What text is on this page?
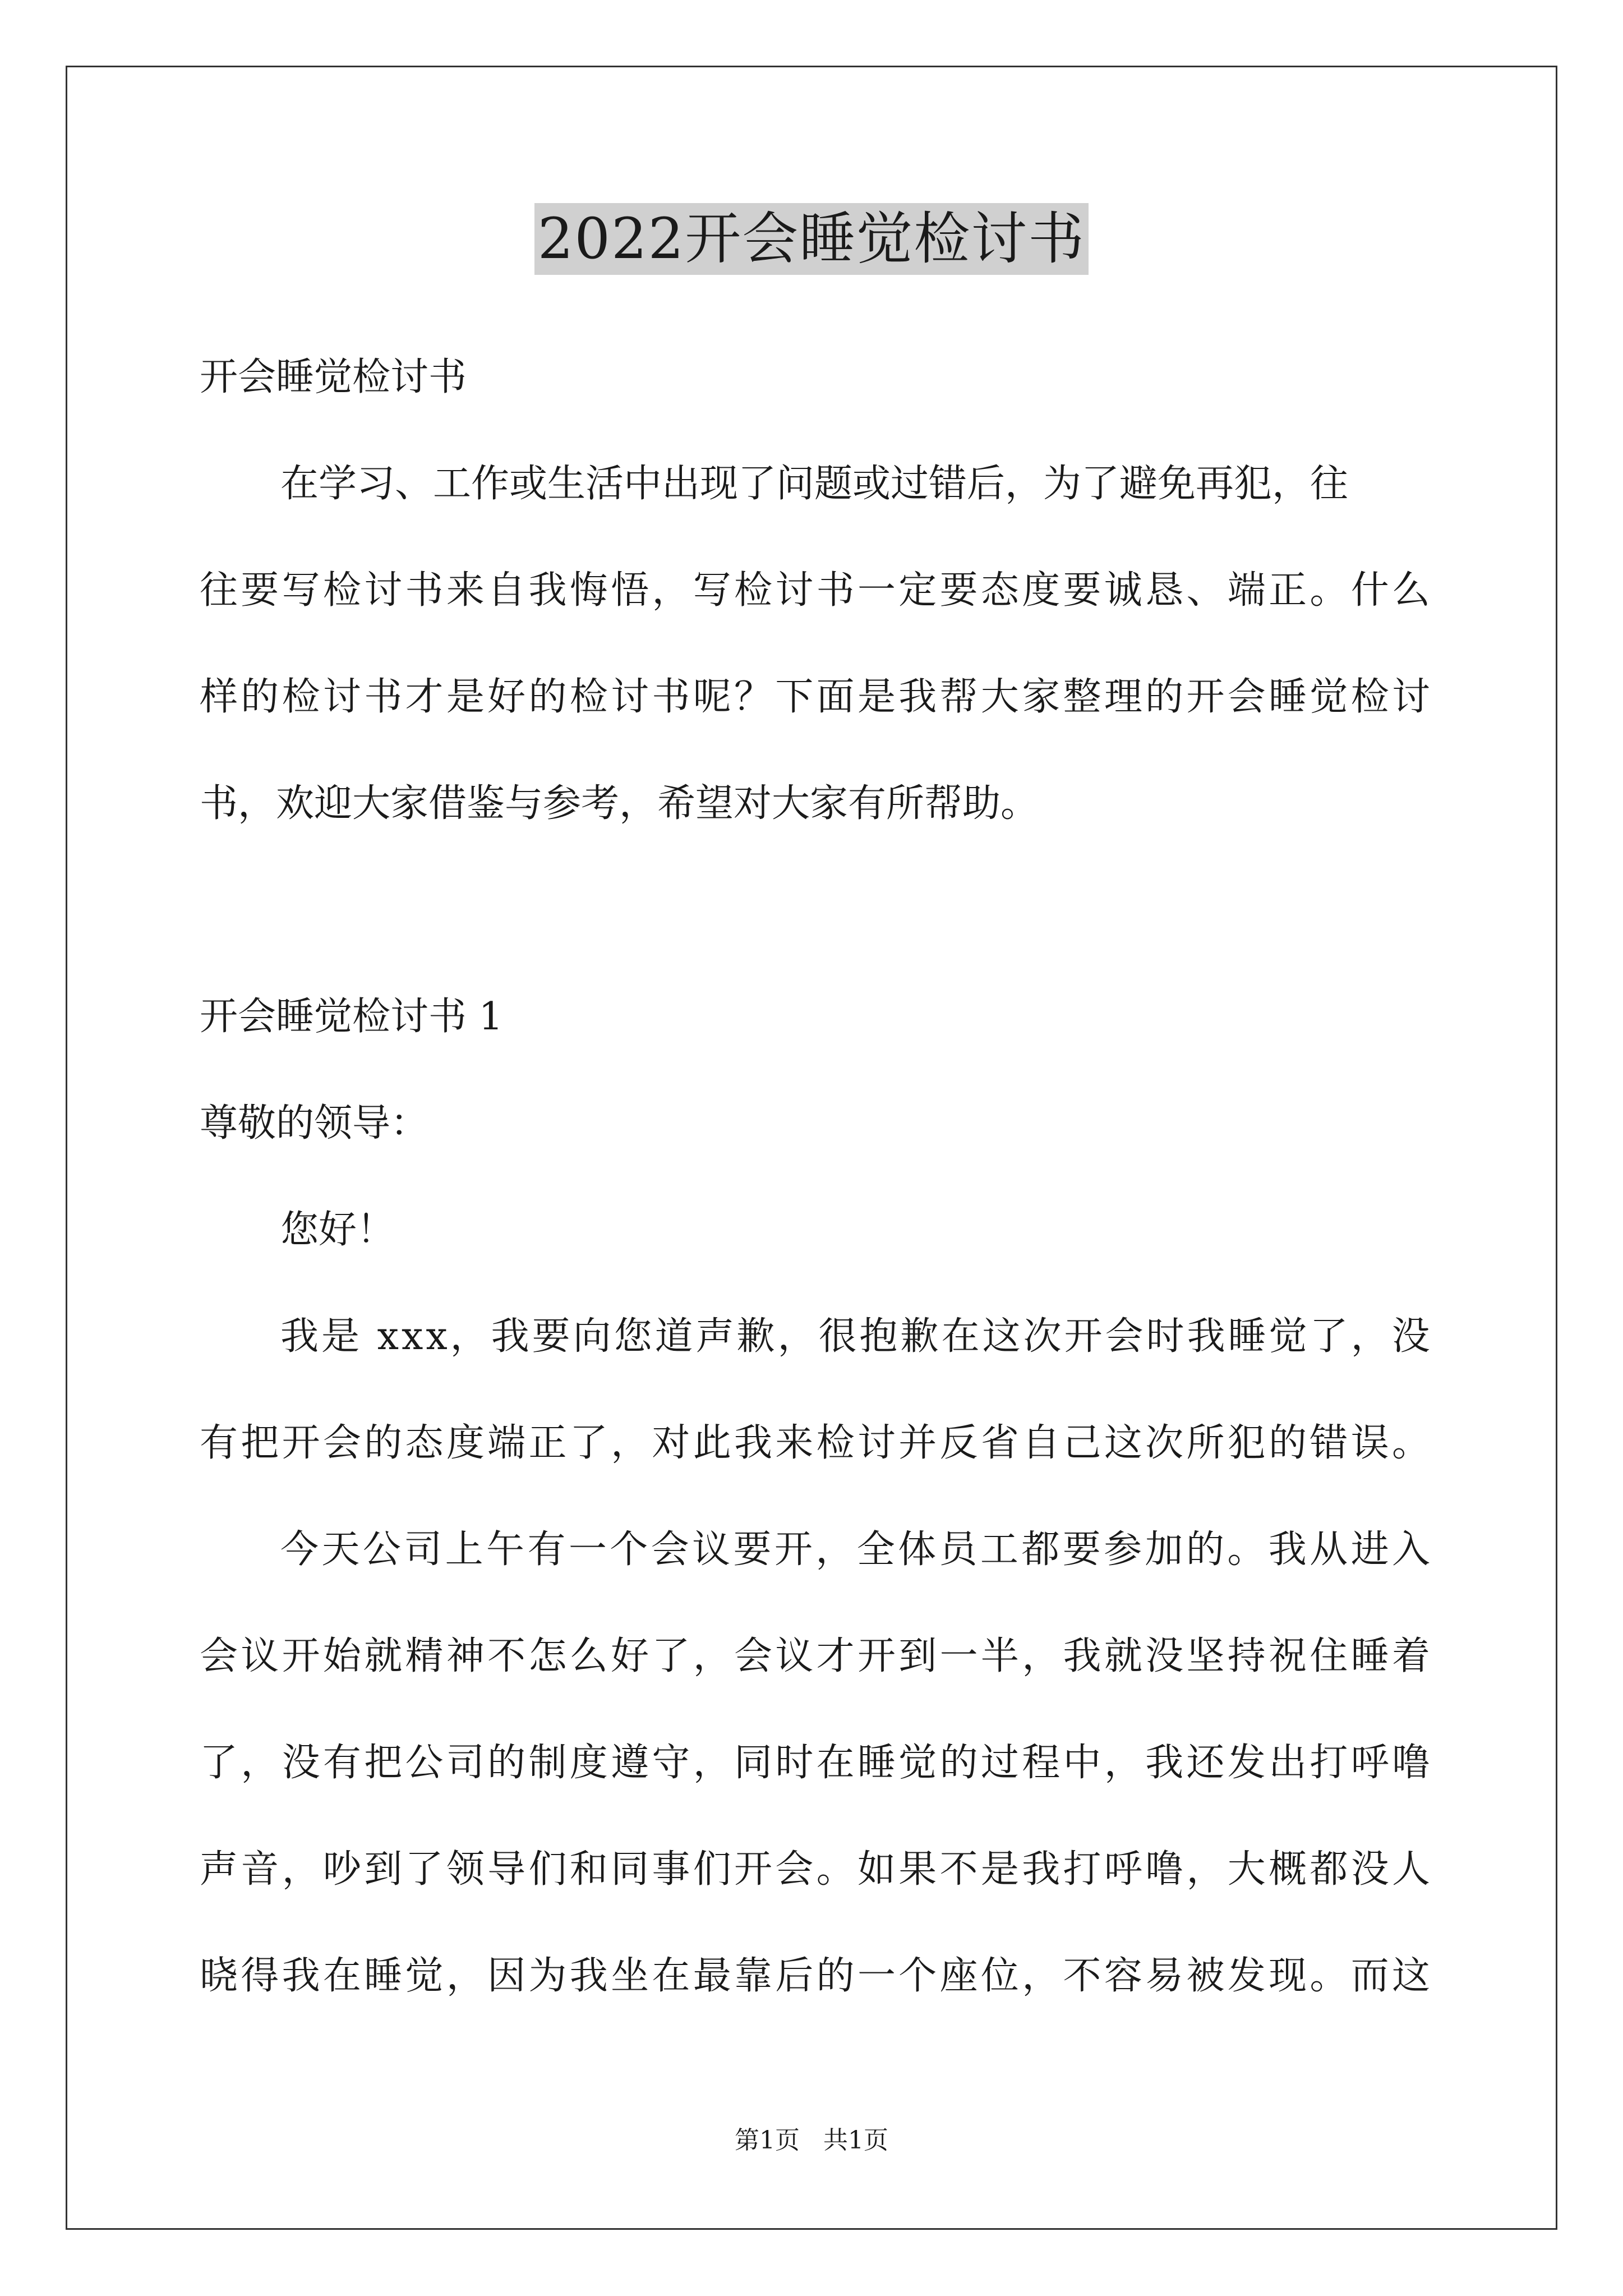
2022开会睡觉检讨书

开会睡觉检讨书

在学习、工作或生活中出现了问题或过错后，为了避免再犯，往

往要写检讨书来自我悔悟，写检讨书一定要态度要诚恳、端正。什么

样的检讨书才是好的检讨书呢？下面是我帮大家整理的开会睡觉检讨

书，欢迎大家借鉴与参考，希望对大家有所帮助。

开会睡觉检讨书 1

尊敬的领导：

您好！

我是 xxx，我要向您道声歉，很抱歉在这次开会时我睡觉了，没

有把开会的态度端正了，对此我来检讨并反省自己这次所犯的错误。

今天公司上午有一个会议要开，全体员工都要参加的。我从进入

会议开始就精神不怎么好了，会议才开到一半，我就没坚持祝住睡着

了，没有把公司的制度遵守，同时在睡觉的过程中，我还发出打呼噜

声音，吵到了领导们和同事们开会。如果不是我打呼噜，大概都没人

晓得我在睡觉，因为我坐在最靠后的一个座位，不容易被发现。而这

第1页   共1页
